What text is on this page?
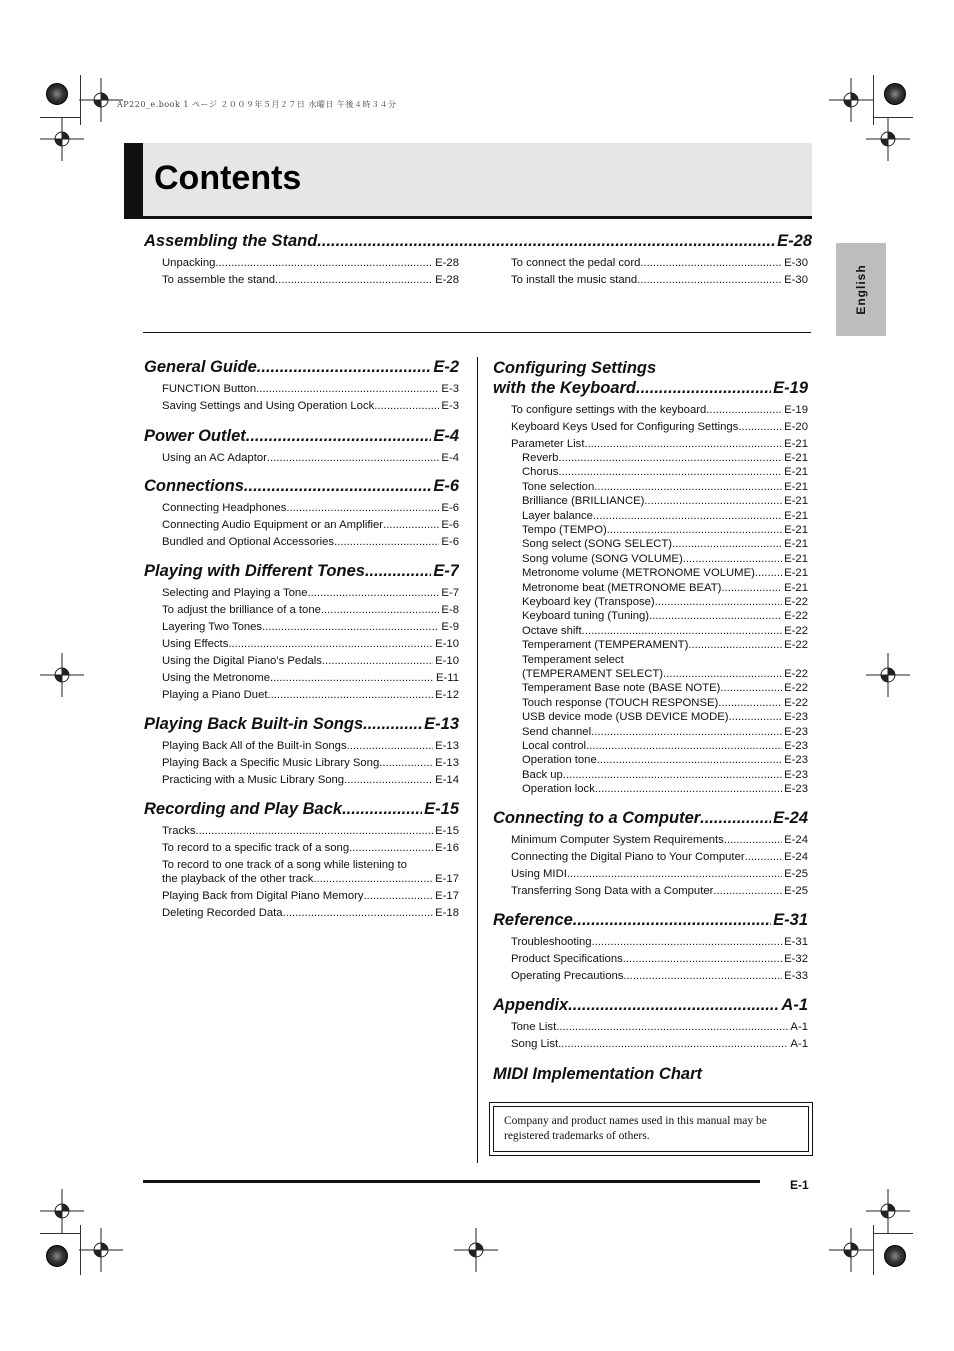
AP220_e.book 1 ページ ２００９年５月２７日 水曜日 午後４時３４分
Contents
English
Assembling the Stand .....	E-28
Unpacking .....	E-28
To assemble the stand .....	E-28
To connect the pedal cord .....	E-30
To install the music stand .....	E-30
General Guide .....	E-2
FUNCTION Button .....	E-3
Saving Settings and Using Operation Lock .....	E-3
Power Outlet .....	E-4
Using an AC Adaptor .....	E-4
Connections .....	E-6
Connecting Headphones .....	E-6
Connecting Audio Equipment or an Amplifier .....	E-6
Bundled and Optional Accessories .....	E-6
Playing with Different Tones .....	E-7
Selecting and Playing a Tone .....	E-7
To adjust the brilliance of a tone .....	E-8
Layering Two Tones .....	E-9
Using Effects .....	E-10
Using the Digital Piano’s Pedals .....	E-10
Using the Metronome .....	E-11
Playing a Piano Duet .....	E-12
Playing Back Built-in Songs .....	E-13
Playing Back All of the Built-in Songs .....	E-13
Playing Back a Specific Music Library Song .....	E-13
Practicing with a Music Library Song .....	E-14
Recording and Play Back .....	E-15
Tracks .....	E-15
To record to a specific track of a song .....	E-16
To record to one track of a song while listening to
the playback of the other track .....	E-17
Playing Back from Digital Piano Memory .....	E-17
Deleting Recorded Data .....	E-18
Configuring Settings
with the Keyboard .....	E-19
To configure settings with the keyboard .....	E-19
Keyboard Keys Used for Configuring Settings .....	E-20
Parameter List .....	E-21
Reverb .....	E-21
Chorus .....	E-21
Tone selection .....	E-21
Brilliance (BRILLIANCE) .....	E-21
Layer balance .....	E-21
Tempo (TEMPO) .....	E-21
Song select (SONG SELECT) .....	E-21
Song volume (SONG VOLUME) .....	E-21
Metronome volume (METRONOME VOLUME) .....	E-21
Metronome beat (METRONOME BEAT) .....	E-21
Keyboard key (Transpose) .....	E-22
Keyboard tuning (Tuning) .....	E-22
Octave shift .....	E-22
Temperament (TEMPERAMENT) .....	E-22
Temperament select
(TEMPERAMENT SELECT) .....	E-22
Temperament Base note (BASE NOTE) .....	E-22
Touch response (TOUCH RESPONSE) .....	E-22
USB device mode (USB DEVICE MODE) .....	E-23
Send channel .....	E-23
Local control .....	E-23
Operation tone .....	E-23
Back up .....	E-23
Operation lock .....	E-23
Connecting to a Computer .....	E-24
Minimum Computer System Requirements .....	E-24
Connecting the Digital Piano to Your Computer .....	E-24
Using MIDI .....	E-25
Transferring Song Data with a Computer .....	E-25
Reference .....	E-31
Troubleshooting .....	E-31
Product Specifications .....	E-32
Operating Precautions .....	E-33
Appendix .....	A-1
Tone List .....	A-1
Song List .....	A-1
MIDI Implementation Chart
Company and product names used in this manual may be registered trademarks of others.
E-1
